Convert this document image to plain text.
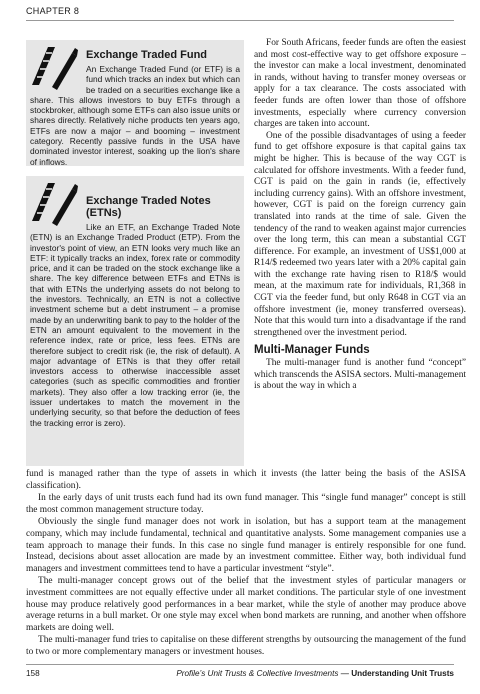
CHAPTER 8
Exchange Traded Fund
An Exchange Traded Fund (or ETF) is a fund which tracks an index but which can be traded on a securities exchange like a share. This allows investors to buy ETFs through a stockbroker, although some ETFs can also issue units or shares directly. Relatively niche products ten years ago, ETFs are now a major – and booming – investment category. Recently passive funds in the USA have dominated investor interest, soaking up the lion's share of inflows.
Exchange Traded Notes (ETNs)
Like an ETF, an Exchange Traded Note (ETN) is an Exchange Traded Product (ETP). From the investor's point of view, an ETN looks very much like an ETF: it typically tracks an index, forex rate or commodity price, and it can be traded on the stock exchange like a share. The key difference between ETFs and ETNs is that with ETNs the underlying assets do not belong to the investors. Technically, an ETN is not a collective investment scheme but a debt instrument – a promise made by an underwriting bank to pay to the holder of the ETN an amount equivalent to the movement in the reference index, rate or price, less fees. ETNs are therefore subject to credit risk (ie, the risk of default). A major advantage of ETNs is that they offer retail investors access to otherwise inaccessible asset categories (such as specific commodities and frontier markets). They also offer a low tracking error (ie, the issuer undertakes to match the movement in the underlying security, so that before the deduction of fees the tracking error is zero).

For South Africans, feeder funds are often the easiest and most cost-effective way to get offshore exposure – the investor can make a local investment, denominated in rands, without having to transfer money overseas or apply for a tax clearance. The costs associated with feeder funds are often lower than those of offshore investments, especially where currency conversion charges are taken into account.

One of the possible disadvantages of using a feeder fund to get offshore exposure is that capital gains tax might be higher. This is because of the way CGT is calculated for offshore investments. With a feeder fund, CGT is paid on the gain in rands (ie, effectively including currency gains). With an offshore investment, however, CGT is paid on the foreign currency gain translated into rands at the time of sale. Given the tendency of the rand to weaken against major currencies over the long term, this can mean a substantial CGT difference. For example, an investment of US$1,000 at R14/$ redeemed two years later with a 20% capital gain with the exchange rate having risen to R18/$ would mean, at the maximum rate for individuals, R1,368 in CGT via the feeder fund, but only R648 in CGT via an offshore investment (ie, money transferred overseas). Note that this would turn into a disadvantage if the rand strengthened over the investment period.

Multi-Manager Funds

The multi-manager fund is another fund “concept” which transcends the ASISA sectors. Multi-management is about the way in which a

fund is managed rather than the type of assets in which it invests (the latter being the basis of the ASISA classification).

In the early days of unit trusts each fund had its own fund manager. This “single fund manager” concept is still the most common management structure today.

Obviously the single fund manager does not work in isolation, but has a support team at the management company, which may include fundamental, technical and quantitative analysts. Some management companies use a team approach to manage their funds. In this case no single fund manager is entirely responsible for one fund. Instead, decisions about asset allocation are made by an investment committee. Either way, both individual fund managers and investment committees tend to have a particular investment “style”.

The multi-manager concept grows out of the belief that the investment styles of particular managers or investment committees are not equally effective under all market conditions. The particular style of one investment house may produce relatively good performances in a bear market, while the style of another may produce above average returns in a bull market. Or one style may excel when bond markets are running, and another when offshore markets are doing well.

The multi-manager fund tries to capitalise on these different strengths by outsourcing the management of the fund to two or more complementary managers or investment houses.

158	Profile’s Unit Trusts & Collective Investments — Understanding Unit Trusts
